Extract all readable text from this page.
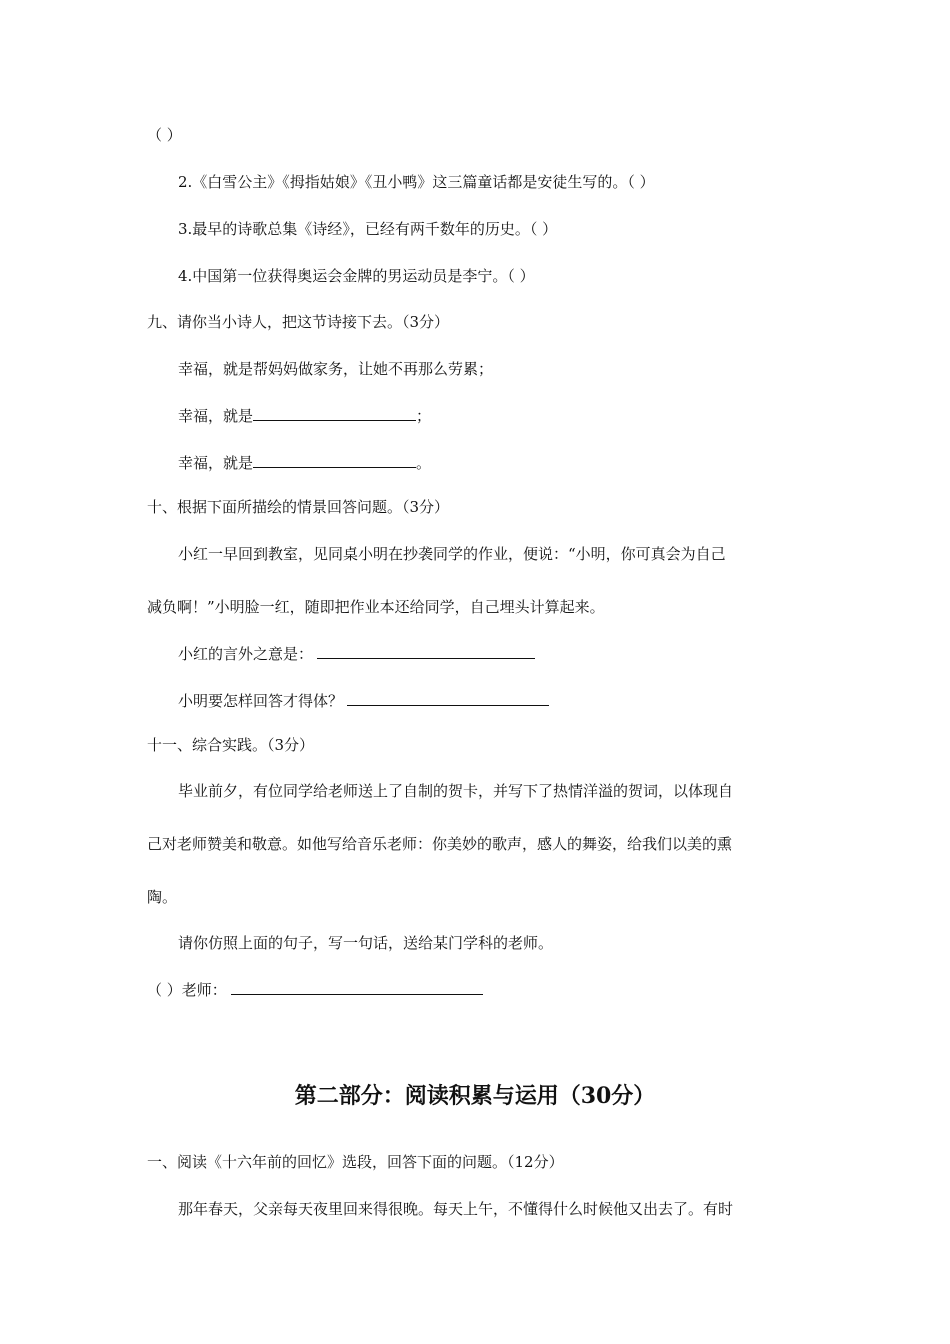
（ ）
2.《白雪公主》《拇指姑娘》《丑小鸭》这三篇童话都是安徒生写的。（ ）
3.最早的诗歌总集《诗经》，已经有两千数年的历史。（ ）
4.中国第一位获得奥运会金牌的男运动员是李宁。（ ）
九、请你当小诗人，把这节诗接下去。（3分）
幸福，就是帮妈妈做家务，让她不再那么劳累；
幸福，就是	；
幸福，就是	。
十、根据下面所描绘的情景回答问题。（3分）
小红一早回到教室，见同桌小明在抄袭同学的作业，便说：“小明，你可真会为自己
减负啊！”小明脸一红，随即把作业本还给同学，自己埋头计算起来。
小红的言外之意是：
小明要怎样回答才得体？
十一、综合实践。（3分）
毕业前夕，有位同学给老师送上了自制的贺卡，并写下了热情洋溢的贺词，以体现自
己对老师赞美和敬意。如他写给音乐老师：你美妙的歌声，感人的舞姿，给我们以美的熏
陶。
请你仿照上面的句子，写一句话，送给某门学科的老师。
（ ）老师：
第二部分：阅读积累与运用（30分）
一、阅读《十六年前的回忆》选段，回答下面的问题。（12分）
那年春天，父亲每天夜里回来得很晚。每天上午，不懂得什么时候他又出去了。有时
